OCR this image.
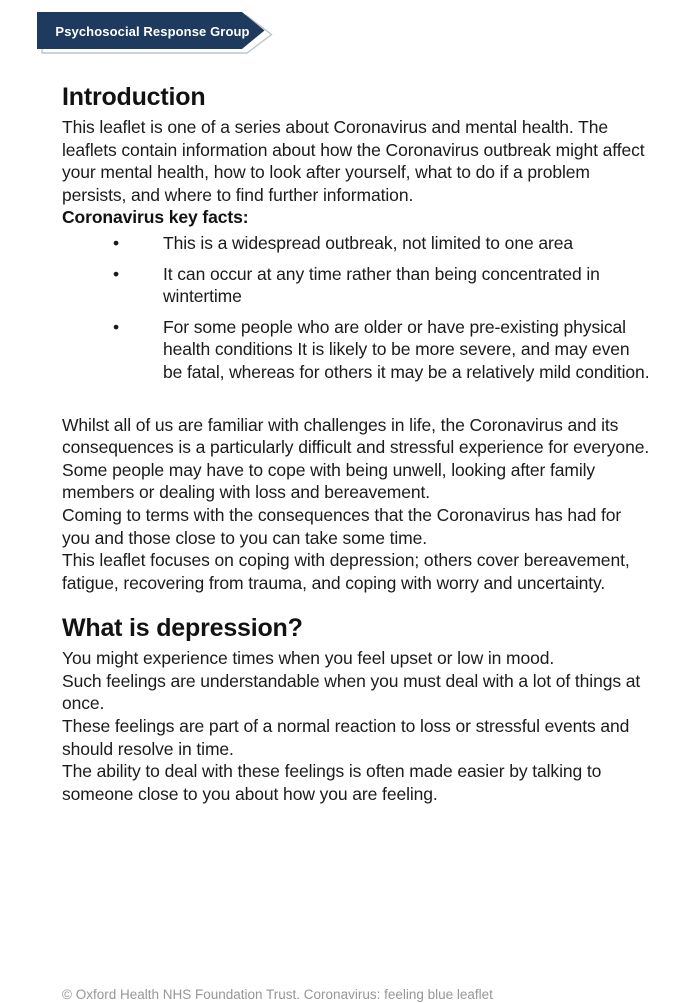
Psychosocial Response Group
Introduction

This leaflet is one of a series about Coronavirus and mental health. The leaflets contain information about how the Coronavirus outbreak might affect your mental health, how to look after yourself, what to do if a problem persists, and where to find further information.

Coronavirus key facts:

•	This is a widespread outbreak, not limited to one area
•	It can occur at any time rather than being concentrated in wintertime
•	For some people who are older or have pre-existing physical health conditions It is likely to be more severe, and may even be fatal, whereas for others it may be a relatively mild condition.

Whilst all of us are familiar with challenges in life, the Coronavirus and its consequences is a particularly difficult and stressful experience for everyone.

Some people may have to cope with being unwell, looking after family members or dealing with loss and bereavement.

Coming to terms with the consequences that the Coronavirus has had for you and those close to you can take some time.

This leaflet focuses on coping with depression; others cover bereavement, fatigue, recovering from trauma, and coping with worry and uncertainty.

What is depression?

You might experience times when you feel upset or low in mood.

Such feelings are understandable when you must deal with a lot of things at once.

These feelings are part of a normal reaction to loss or stressful events and should resolve in time.

The ability to deal with these feelings is often made easier by talking to someone close to you about how you are feeling.

© Oxford Health NHS Foundation Trust. Coronavirus: feeling blue leaflet
